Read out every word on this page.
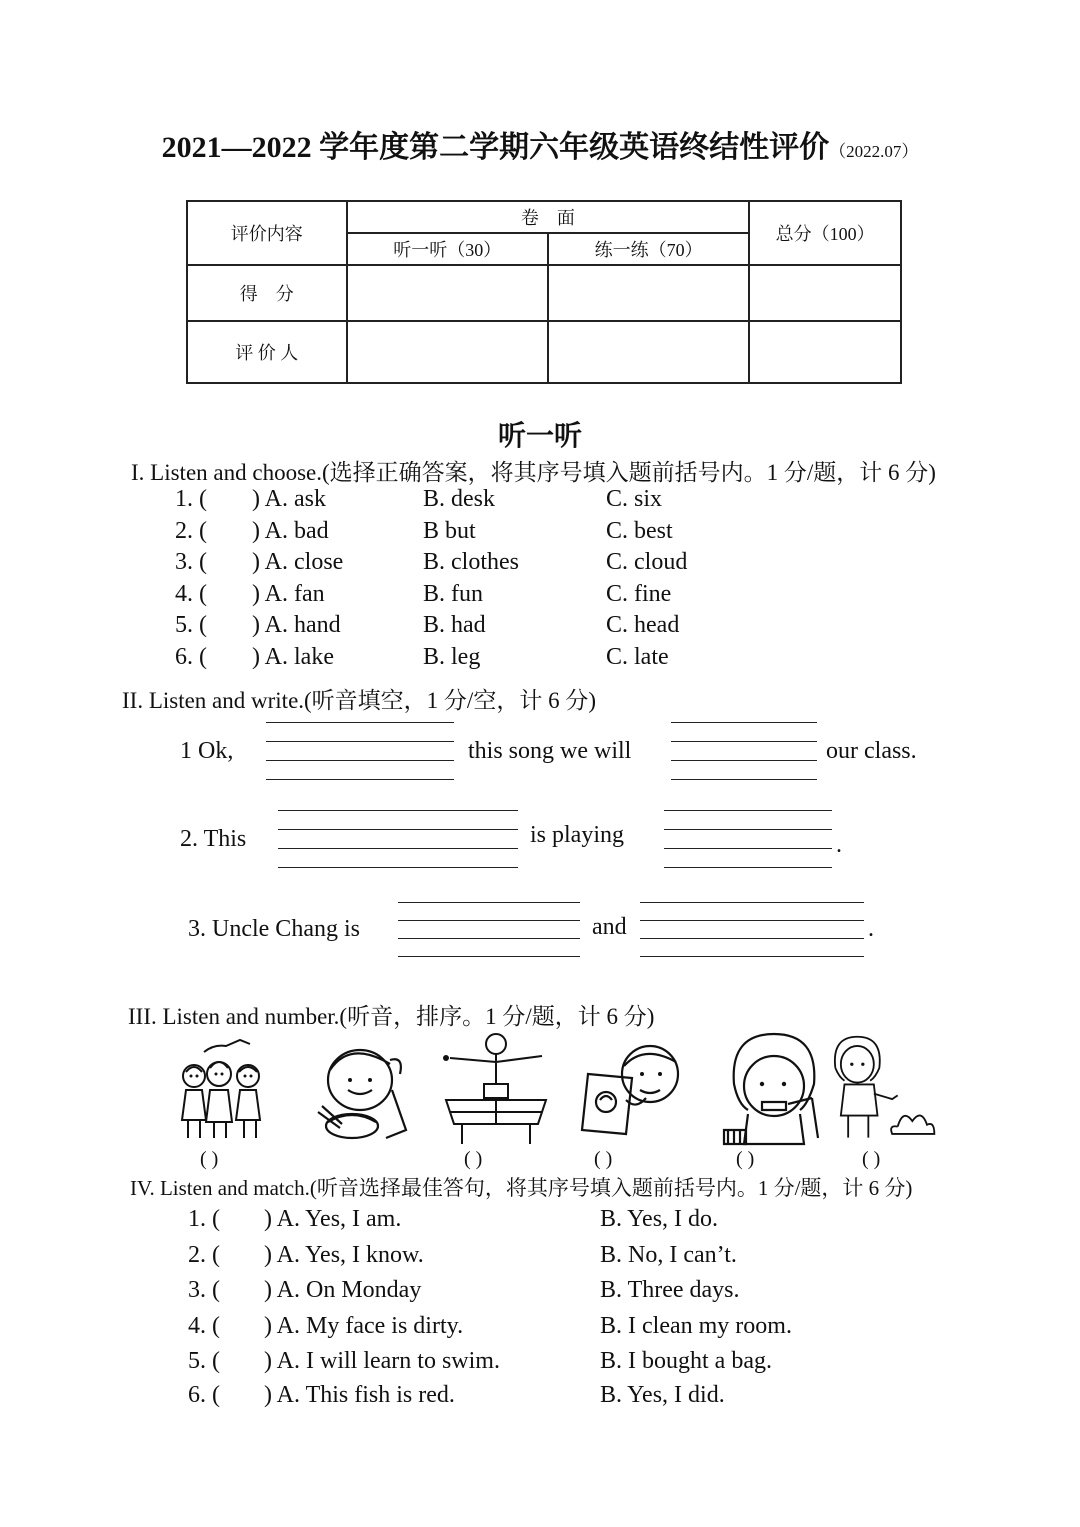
2021—2022 学年度第二学期六年级英语终结性评价（2022.07）
评价内容	卷　面		总分（100）
	听一听（30）	练一练（70）	
得　分			
评 价 人			
听一听
I. Listen and choose.(选择正确答案，将其序号填入题前括号内。1 分/题，计 6 分)
1. ( ) A. ask	B. desk	C. six
2. ( ) A. bad	B but	C. best
3. ( ) A. close	B. clothes	C. cloud
4. ( ) A. fan	B. fun	C. fine
5. ( ) A. hand	B. had	C. head
6. ( ) A. lake	B. leg	C. late
II. Listen and write.(听音填空，1 分/空，计 6 分)
1 Ok,	this song we will	our class.
2. This	is playing	.
3. Uncle Chang is	and	.
III. Listen and number.(听音，排序。1 分/题，计 6 分)
( )	( )	( )	( )	( )
IV. Listen and match.(听音选择最佳答句，将其序号填入题前括号内。1 分/题，计 6 分)
1. ( ) A. Yes, I am.	B. Yes, I do.
2. ( ) A. Yes, I know.	B. No, I can’t.
3. ( ) A. On Monday	B. Three days.
4. ( ) A. My face is dirty.	B. I clean my room.
5. ( ) A. I will learn to swim.	B. I bought a bag.
6. ( ) A. This fish is red.	B. Yes, I did.
